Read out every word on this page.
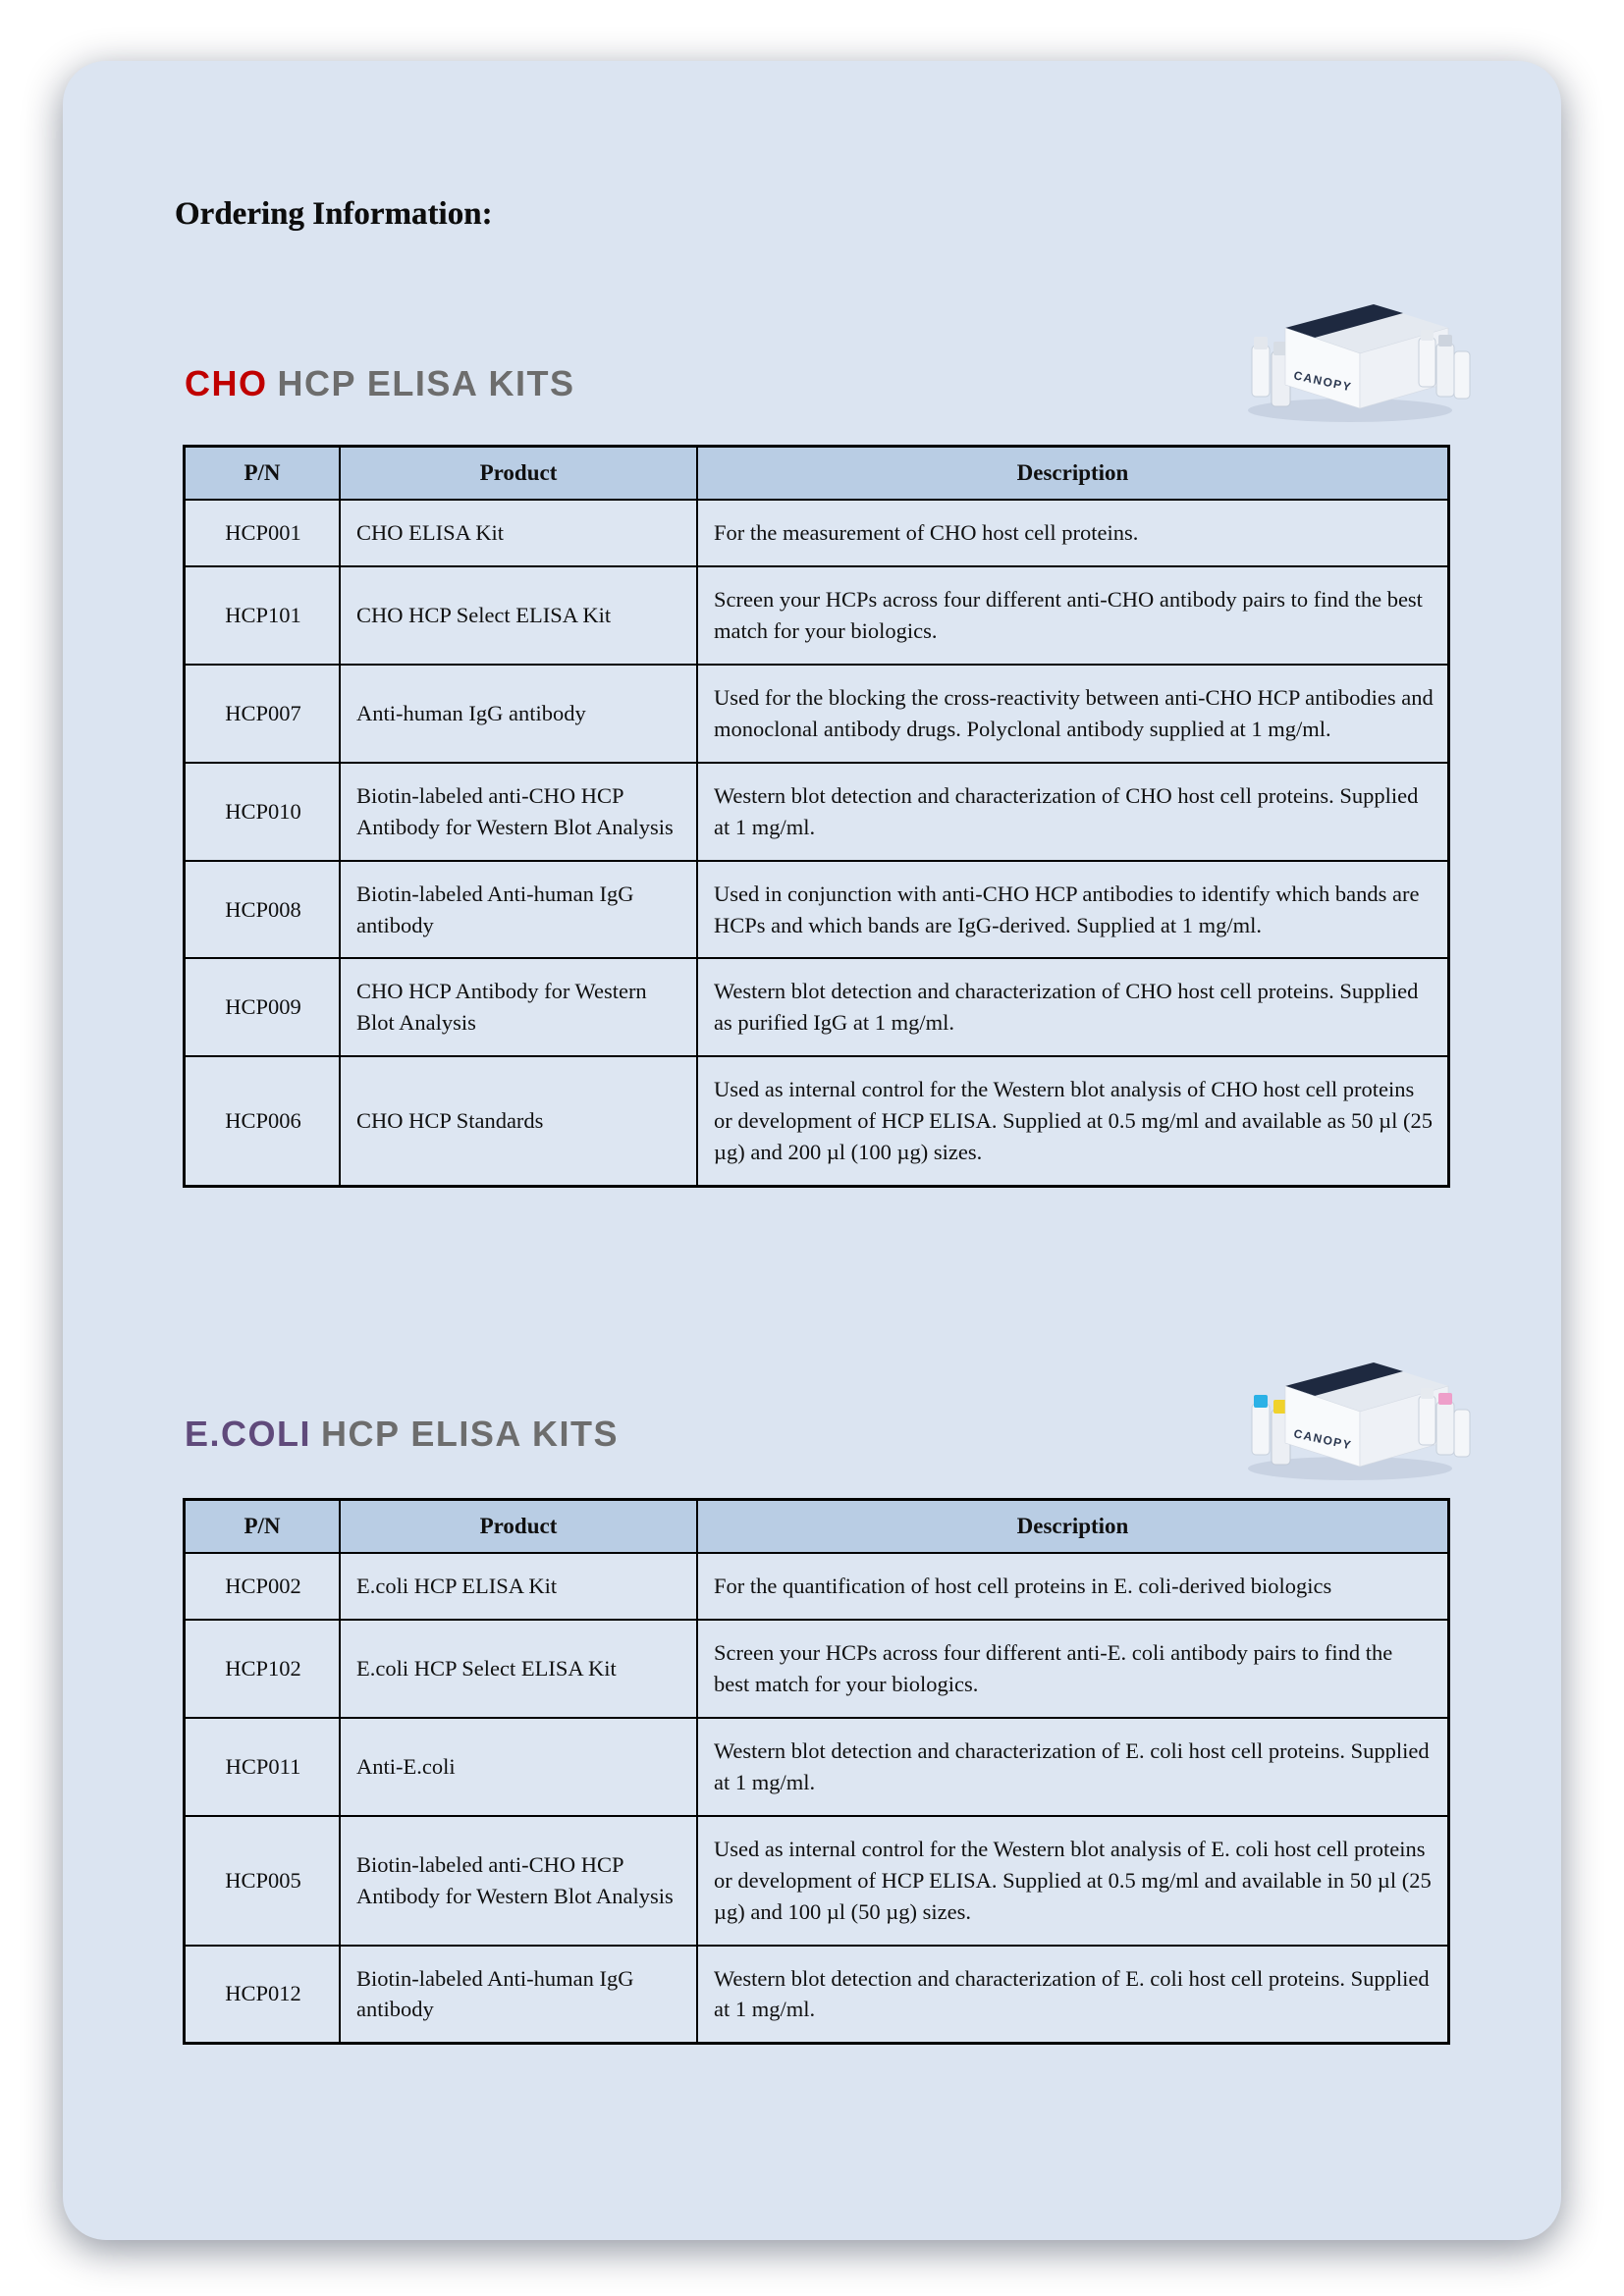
Ordering Information:
CHO HCP ELISA KITS	CANOPY
P/N	Product	Description
HCP001	CHO ELISA Kit	For the measurement of CHO host cell proteins.
HCP101	CHO HCP Select ELISA Kit	Screen your HCPs across four different anti-CHO antibody pairs to find the best match for your biologics.
HCP007	Anti-human IgG antibody	Used for the blocking the cross-reactivity between anti-CHO HCP antibodies and monoclonal antibody drugs. Polyclonal antibody supplied at 1 mg/ml.
HCP010	Biotin-labeled anti-CHO HCP Antibody for Western Blot Analysis	Western blot detection and characterization of CHO host cell proteins. Supplied at 1 mg/ml.
HCP008	Biotin-labeled Anti-human IgG antibody	Used in conjunction with anti-CHO HCP antibodies to identify which bands are HCPs and which bands are IgG-derived. Supplied at 1 mg/ml.
HCP009	CHO HCP Antibody for Western Blot Analysis	Western blot detection and characterization of CHO host cell proteins. Supplied as purified IgG at 1 mg/ml.
HCP006	CHO HCP Standards	Used as internal control for the Western blot analysis of CHO host cell proteins or development of HCP ELISA. Supplied at 0.5 mg/ml and available as 50 µl (25 µg) and 200 µl (100 µg) sizes.
E.COLI HCP ELISA KITS	CANOPY
P/N	Product	Description
HCP002	E.coli HCP ELISA Kit	For the quantification of host cell proteins in E. coli-derived biologics
HCP102	E.coli HCP Select ELISA Kit	Screen your HCPs across four different anti-E. coli antibody pairs to find the best match for your biologics.
HCP011	Anti-E.coli	Western blot detection and characterization of E. coli host cell proteins. Supplied at 1 mg/ml.
HCP005	Biotin-labeled anti-CHO HCP Antibody for Western Blot Analysis	Used as internal control for the Western blot analysis of E. coli host cell proteins or development of HCP ELISA. Supplied at 0.5 mg/ml and available in 50 µl (25 µg) and 100 µl (50 µg) sizes.
HCP012	Biotin-labeled Anti-human IgG antibody	Western blot detection and characterization of E. coli host cell proteins. Supplied at 1 mg/ml.
